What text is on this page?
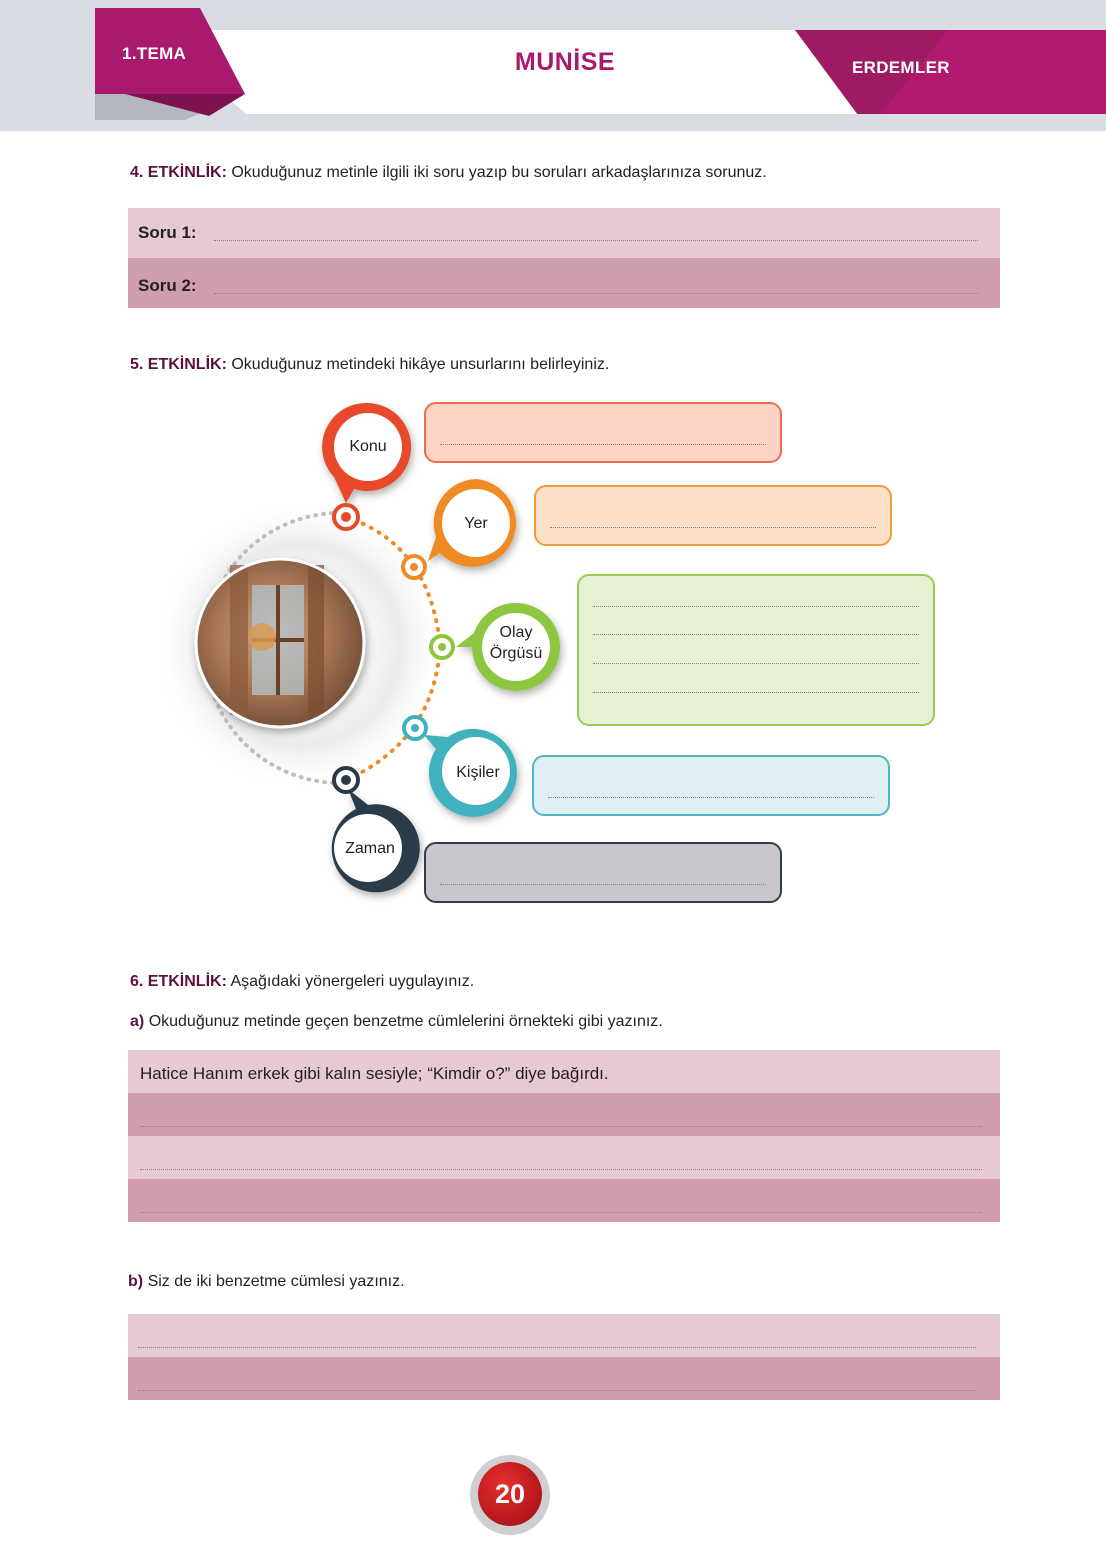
1.TEMA	MUNİSE	ERDEMLER
4. ETKİNLİK: Okuduğunuz metinle ilgili iki soru yazıp bu soruları arkadaşlarınıza sorunuz.
Soru 1:
Soru 2:
5. ETKİNLİK: Okuduğunuz metindeki hikâye unsurlarını belirleyiniz.
Konu
Yer
Olay
Örgüsü
Kişiler
Zaman
6. ETKİNLİK: Aşağıdaki yönergeleri uygulayınız.
a) Okuduğunuz metinde geçen benzetme cümlelerini örnekteki gibi yazınız.
Hatice Hanım erkek gibi kalın sesiyle; “Kimdir o?” diye bağırdı.
b) Siz de iki benzetme cümlesi yazınız.
20
